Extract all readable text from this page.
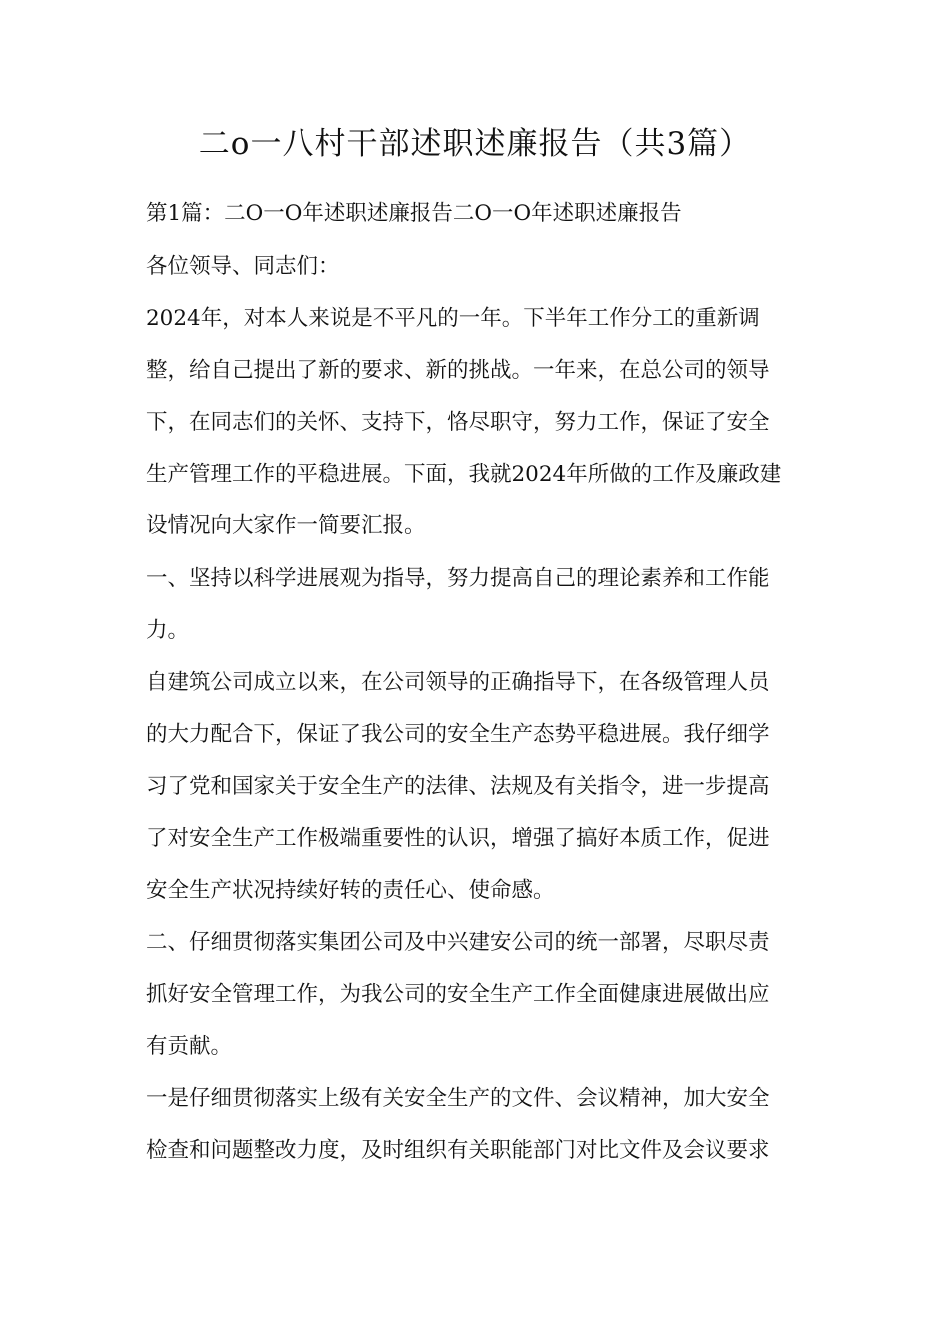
二o一八村干部述职述廉报告（共3篇）
第1篇：二O一O年述职述廉报告二O一O年述职述廉报告
各位领导、同志们：
2024年，对本人来说是不平凡的一年。下半年工作分工的重新调
整，给自己提出了新的要求、新的挑战。一年来，在总公司的领导
下，在同志们的关怀、支持下，恪尽职守，努力工作，保证了安全
生产管理工作的平稳进展。下面，我就2024年所做的工作及廉政建
设情况向大家作一简要汇报。
一、坚持以科学进展观为指导，努力提高自己的理论素养和工作能
力。
自建筑公司成立以来，在公司领导的正确指导下，在各级管理人员
的大力配合下，保证了我公司的安全生产态势平稳进展。我仔细学
习了党和国家关于安全生产的法律、法规及有关指令，进一步提高
了对安全生产工作极端重要性的认识，增强了搞好本质工作，促进
安全生产状况持续好转的责任心、使命感。
二、仔细贯彻落实集团公司及中兴建安公司的统一部署，尽职尽责
抓好安全管理工作，为我公司的安全生产工作全面健康进展做出应
有贡献。
一是仔细贯彻落实上级有关安全生产的文件、会议精神，加大安全
检查和问题整改力度，及时组织有关职能部门对比文件及会议要求
